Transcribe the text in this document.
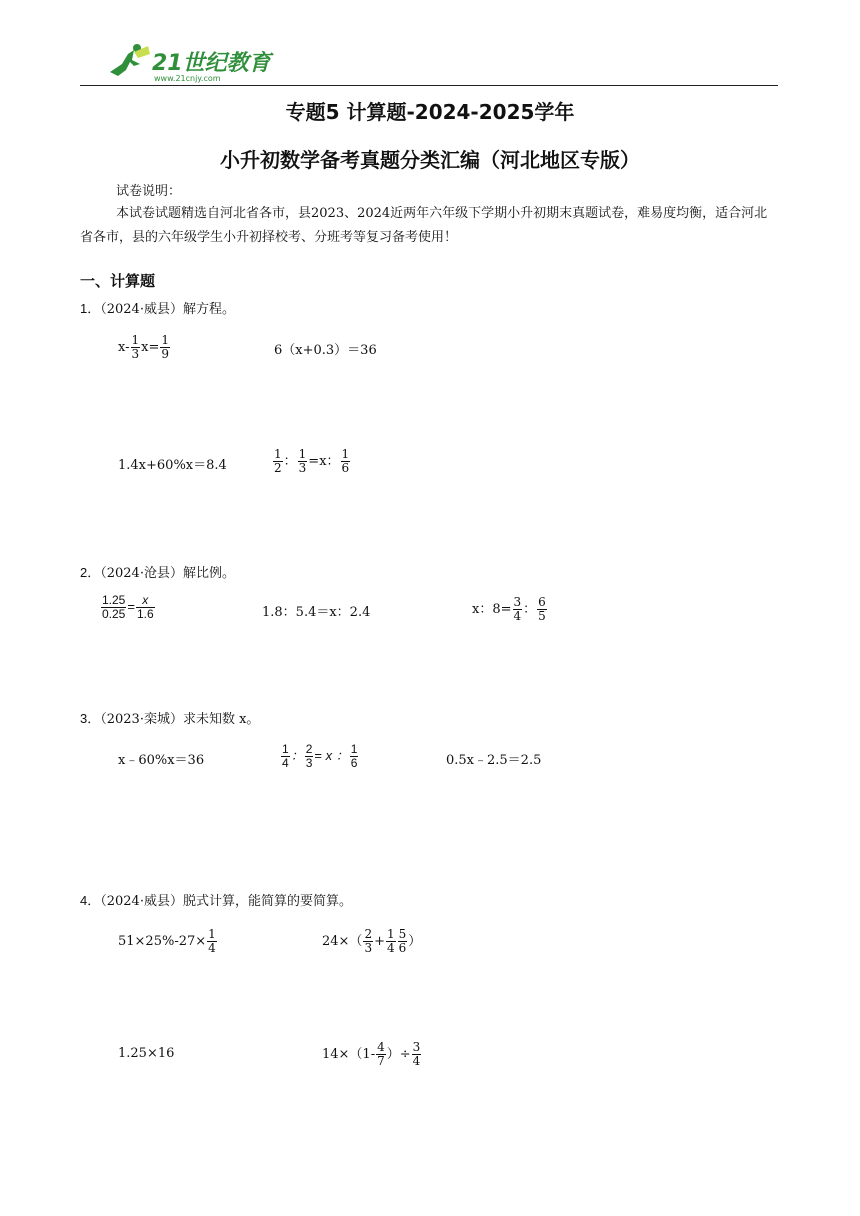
21世纪教育
www.21cnjy.com
专题5 计算题-2024-2025学年
小升初数学备考真题分类汇编（河北地区专版）
试卷说明：
本试卷试题精选自河北省各市，县2023、2024近两年六年级下学期小升初期末真题试卷，难易度均衡，适合河北省各市，县的六年级学生小升初择校考、分班考等复习备考使用！
一、计算题
1．（2024·威县）解方程。
$x- \frac{1}{3} x= \frac{1}{9}$	6（x+0.3）＝36
1.4x+60%x＝8.4	$\frac{1}{2}$ ： $\frac{1}{3} =x$： $\frac{1}{6}$
2．（2024·沧县）解比例。
$\frac{1.25}{0.25} = \frac{x}{1.6}$	1.8：5.4＝x：2.4	x：$8= \frac{3}{4}$ ： $\frac{6}{5}$
3．（2023·栾城）求未知数 x。
x﹣60%x＝36	$\frac{1}{4}$ ： $\frac{2}{3} = x$ ： $\frac{1}{6}$	0.5x﹣2.5＝2.5
4．（2024·威县）脱式计算，能简算的要简算。
$51\times 25\%-27\times \frac{1}{4}$	$24\times( \frac{2}{3} + \frac{1}{4} \frac{5}{6}$ ）
1.25×16	$14\times(1- \frac{4}{7}$ ）÷ $\frac{3}{4}$
